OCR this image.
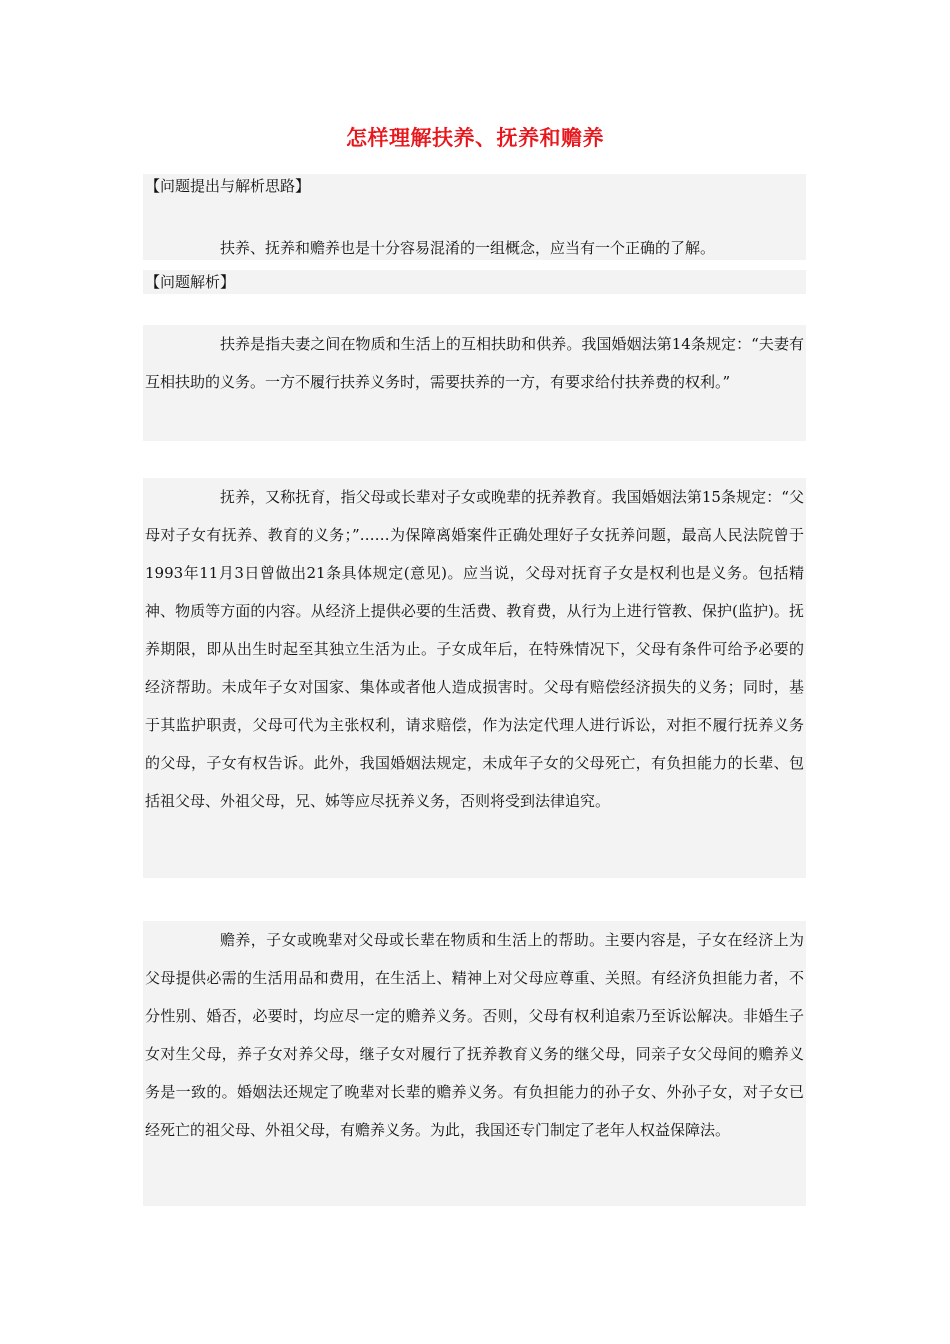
怎样理解扶养、抚养和赡养
【问题提出与解析思路】
扶养、抚养和赡养也是十分容易混淆的一组概念，应当有一个正确的了解。
【问题解析】

扶养是指夫妻之间在物质和生活上的互相扶助和供养。我国婚姻法第14条规定：“夫妻有互相扶助的义务。一方不履行扶养义务时，需要扶养的一方，有要求给付扶养费的权利。”

抚养，又称抚育，指父母或长辈对子女或晚辈的抚养教育。我国婚姻法第15条规定：“父母对子女有抚养、教育的义务；”……为保障离婚案件正确处理好子女抚养问题，最高人民法院曾于1993年11月3日曾做出21条具体规定(意见)。应当说，父母对抚育子女是权利也是义务。包括精神、物质等方面的内容。从经济上提供必要的生活费、教育费，从行为上进行管教、保护(监护)。抚养期限，即从出生时起至其独立生活为止。子女成年后，在特殊情况下，父母有条件可给予必要的经济帮助。未成年子女对国家、集体或者他人造成损害时。父母有赔偿经济损失的义务；同时，基于其监护职责，父母可代为主张权利，请求赔偿，作为法定代理人进行诉讼，对拒不履行抚养义务的父母，子女有权告诉。此外，我国婚姻法规定，未成年子女的父母死亡，有负担能力的长辈、包括祖父母、外祖父母，兄、姊等应尽抚养义务，否则将受到法律追究。

赡养，子女或晚辈对父母或长辈在物质和生活上的帮助。主要内容是，子女在经济上为父母提供必需的生活用品和费用，在生活上、精神上对父母应尊重、关照。有经济负担能力者，不分性别、婚否，必要时，均应尽一定的赡养义务。否则，父母有权利追索乃至诉讼解决。非婚生子女对生父母，养子女对养父母，继子女对履行了抚养教育义务的继父母，同亲子女父母间的赡养义务是一致的。婚姻法还规定了晚辈对长辈的赡养义务。有负担能力的孙子女、外孙子女，对子女已经死亡的祖父母、外祖父母，有赡养义务。为此，我国还专门制定了老年人权益保障法。
